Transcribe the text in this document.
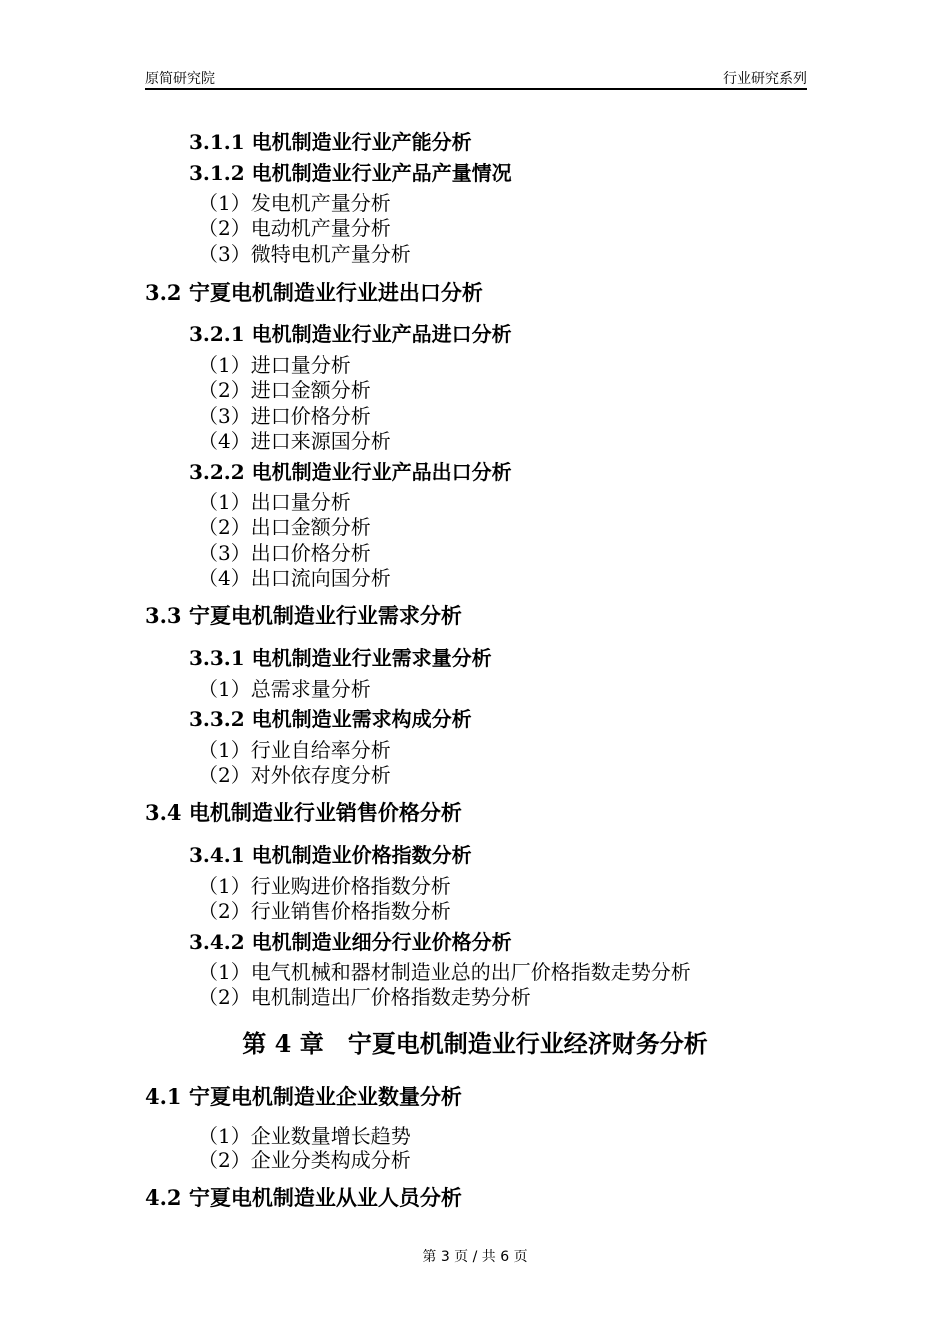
原简研究院	行业研究系列
3.1.1 电机制造业行业产能分析
3.1.2 电机制造业行业产品产量情况
（1）发电机产量分析
（2）电动机产量分析
（3）微特电机产量分析
3.2 宁夏电机制造业行业进出口分析
3.2.1 电机制造业行业产品进口分析
（1）进口量分析
（2）进口金额分析
（3）进口价格分析
（4）进口来源国分析
3.2.2 电机制造业行业产品出口分析
（1）出口量分析
（2）出口金额分析
（3）出口价格分析
（4）出口流向国分析
3.3 宁夏电机制造业行业需求分析
3.3.1 电机制造业行业需求量分析
（1）总需求量分析
3.3.2 电机制造业需求构成分析
（1）行业自给率分析
（2）对外依存度分析
3.4 电机制造业行业销售价格分析
3.4.1 电机制造业价格指数分析
（1）行业购进价格指数分析
（2）行业销售价格指数分析
3.4.2 电机制造业细分行业价格分析
（1）电气机械和器材制造业总的出厂价格指数走势分析
（2）电机制造出厂价格指数走势分析
第 4 章　宁夏电机制造业行业经济财务分析
4.1 宁夏电机制造业企业数量分析
（1）企业数量增长趋势
（2）企业分类构成分析
4.2 宁夏电机制造业从业人员分析
第 3 页 / 共 6 页
